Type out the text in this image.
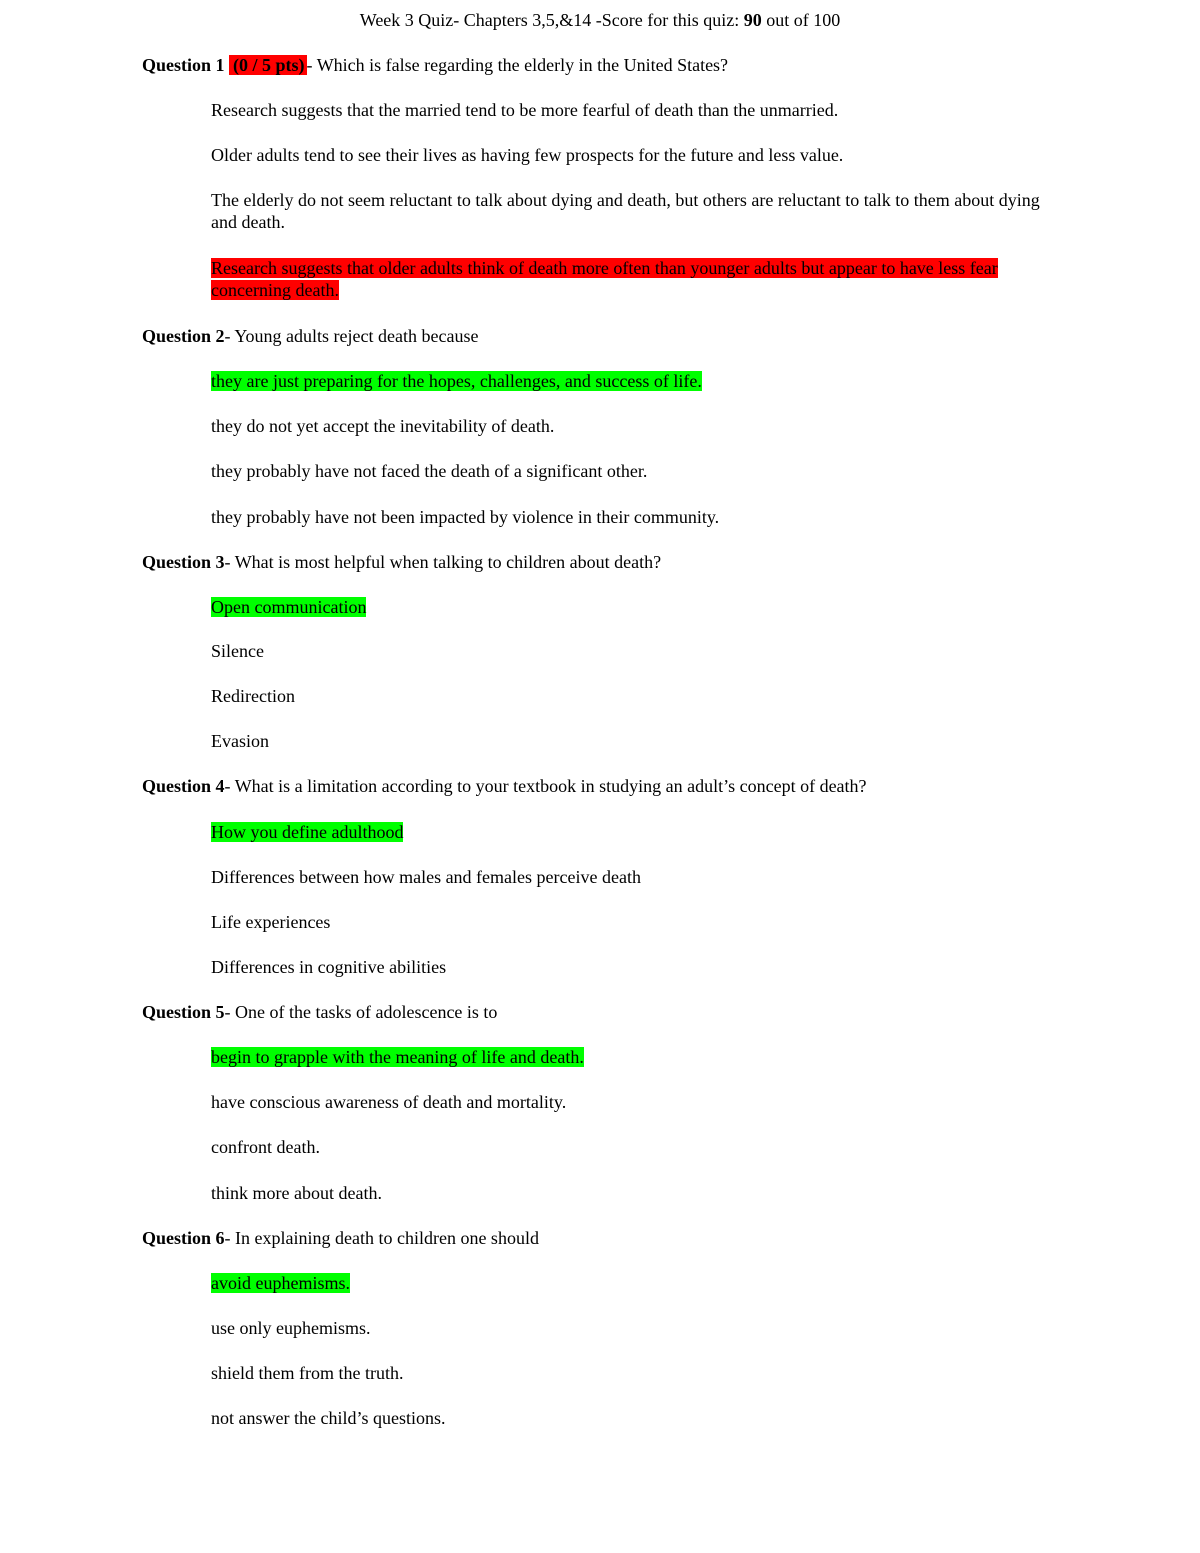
Week 3 Quiz- Chapters 3,5,&14 -Score for this quiz: 90 out of 100
Question 1 (0 / 5 pts) - Which is false regarding the elderly in the United States?
Research suggests that the married tend to be more fearful of death than the unmarried.
Older adults tend to see their lives as having few prospects for the future and less value.
The elderly do not seem reluctant to talk about dying and death, but others are reluctant to talk to them about dying and death.
Research suggests that older adults think of death more often than younger adults but appear to have less fear concerning death.
Question 2- Young adults reject death because
they are just preparing for the hopes, challenges, and success of life.
they do not yet accept the inevitability of death.
they probably have not faced the death of a significant other.
they probably have not been impacted by violence in their community.
Question 3- What is most helpful when talking to children about death?
Open communication
Silence
Redirection
Evasion
Question 4- What is a limitation according to your textbook in studying an adult’s concept of death?
How you define adulthood
Differences between how males and females perceive death
Life experiences
Differences in cognitive abilities
Question 5- One of the tasks of adolescence is to
begin to grapple with the meaning of life and death.
have conscious awareness of death and mortality.
confront death.
think more about death.
Question 6- In explaining death to children one should
avoid euphemisms.
use only euphemisms.
shield them from the truth.
not answer the child’s questions.
